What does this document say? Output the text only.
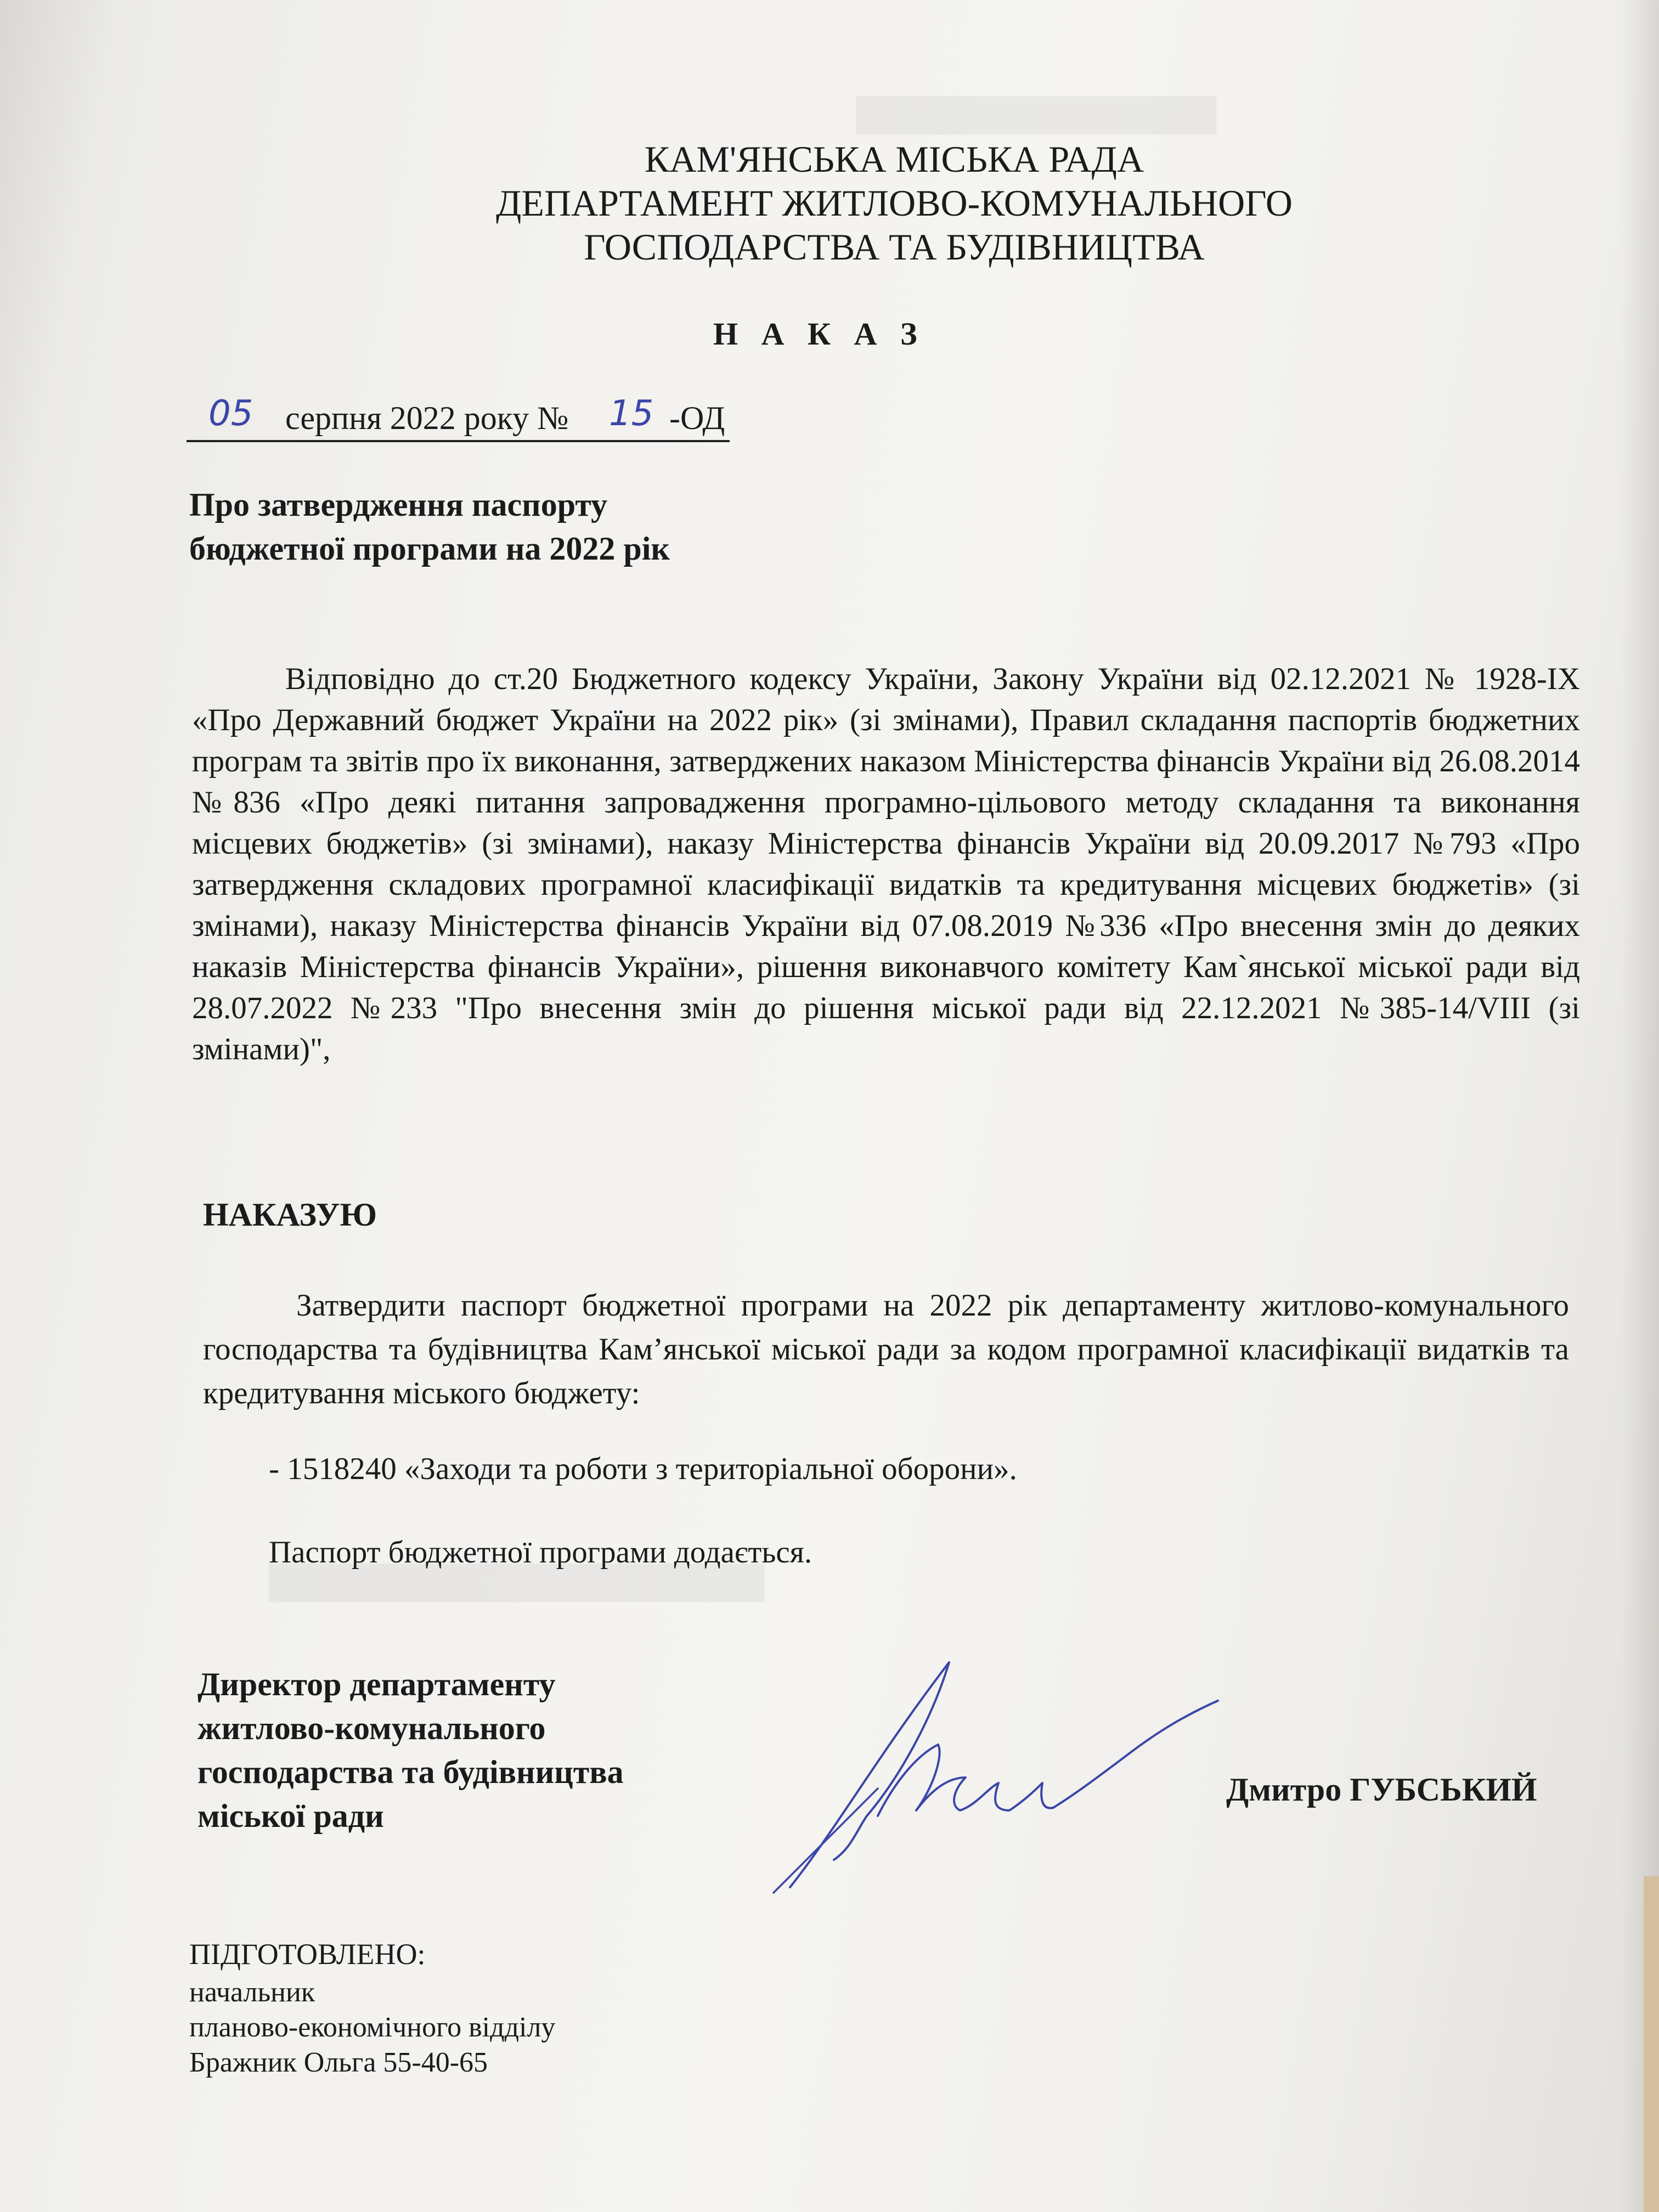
████████████████
██████████████████████
КАМ'ЯНСЬКА МІСЬКА РАДА
ДЕПАРТАМЕНТ ЖИТЛОВО-КОМУНАЛЬНОГО
ГОСПОДАРСТВА ТА БУДІВНИЦТВА
Н А К А З
05 серпня 2022 року № 15 -ОД
Про затвердження паспорту
бюджетної програми на 2022 рік
Відповідно до ст.20 Бюджетного кодексу України, Закону України від 02.12.2021 № 1928-IX «Про Державний бюджет України на 2022 рік» (зі змінами), Правил складання паспортів бюджетних програм та звітів про їх виконання, затверджених наказом Міністерства фінансів України від 26.08.2014 №836 «Про деякі питання запровадження програмно-цільового методу складання та виконання місцевих бюджетів» (зі змінами), наказу Міністерства фінансів України від 20.09.2017 №793 «Про затвердження складових програмної класифікації видатків та кредитування місцевих бюджетів» (зі змінами), наказу Міністерства фінансів України від 07.08.2019 №336 «Про внесення змін до деяких наказів Міністерства фінансів України», рішення виконавчого комітету Кам`янської міської ради від 28.07.2022 №233 "Про внесення змін до рішення міської ради від 22.12.2021 №385-14/VIII (зі змінами)",
НАКАЗУЮ
Затвердити паспорт бюджетної програми на 2022 рік департаменту житлово-комунального господарства та будівництва Кам’янської міської ради за кодом програмної класифікації видатків та кредитування міського бюджету:
- 1518240 «Заходи та роботи з територіальної оборони».
Паспорт бюджетної програми додається.
Директор департаменту
житлово-комунального
господарства та будівництва
міської ради
Дмитро ГУБСЬКИЙ
ПІДГОТОВЛЕНО:
начальник
планово-економічного відділу
Бражник Ольга 55-40-65
